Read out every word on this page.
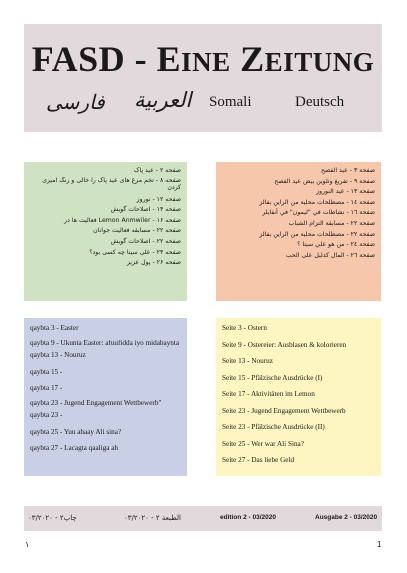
FASD - EINE ZEITUNG
فارسی العربية Somali	Deutsch
صفحه ۲ - عید پاک
صفحه ۸ - تخم مرغ های عید پاک را خالی و رنگ آمیزی کردن
صفحه ۱۲ - نوروز
صفحه ۱۴ - اصلاحات گویش
صفحه ۱۶ - Lemon Anmwiler فعالیت ها در
صفحه ۲۲ - مسابقه فعالیت جوانان
صفحه ۲۲ - اصلاحات گویش
صفحه ۲۴ - علی سینا چه کسی بود؟
صفحه ۲۶ - پول عزیز
صفحة ٣ - عيد الفصح
صفحة ٩ - تفريغ وتلوين بيض عيد الفصح
صفحة ١٣ - عيد النوروز
صفحة ١٤ - مصطلحات محلية من الراين بفالز
صفحة ١٦ - نشاطات في "ليمون" في أنفايلر
صفحة ٢٢ - مسابقة التزام الشباب
صفحة ٢٢ - مصطلحات محلية من الراين بفالز
صفحة ٢٤ - من هو علي سينا ؟
صفحة ٢٦ - المال كدليل على الحب
qaybta 3 - Easter
qaybta 9 - Ukunta Easter: afuufidda iyo midabaynta
qaybta 13 - Nouruz
qaybta 15 -
qaybta 17 -
qaybta 23 - Jugend Engagement Wettbewerb"
qaybta 23 -
qaybta 25 - Yuu ahaay Ali sina?
qaybta 27 - Lacagta qaaliga ah
Seite 3 - Ostern
Seite 9 - Ostereier: Ausblasen & kolorieren
Seite 13 - Nouruz
Seite 15 - Pfälzische Ausdrücke (I)
Seite 17 - Aktivitäten im Lemon
Seite 23 - Jugend Engagement Wettbewerb
Seite 23 - Pfälzische Ausdrücke (II)
Seite 25 - Wer war Ali Sina?
Seite 27 - Das liebe Geld
چاپ۲ - ۰۳/۲۰۲۰	الطبعة ٢ - ۰۳/۲۰۲۰	edition 2 - 03/2020	Ausgabe 2 - 03/2020
١	1
